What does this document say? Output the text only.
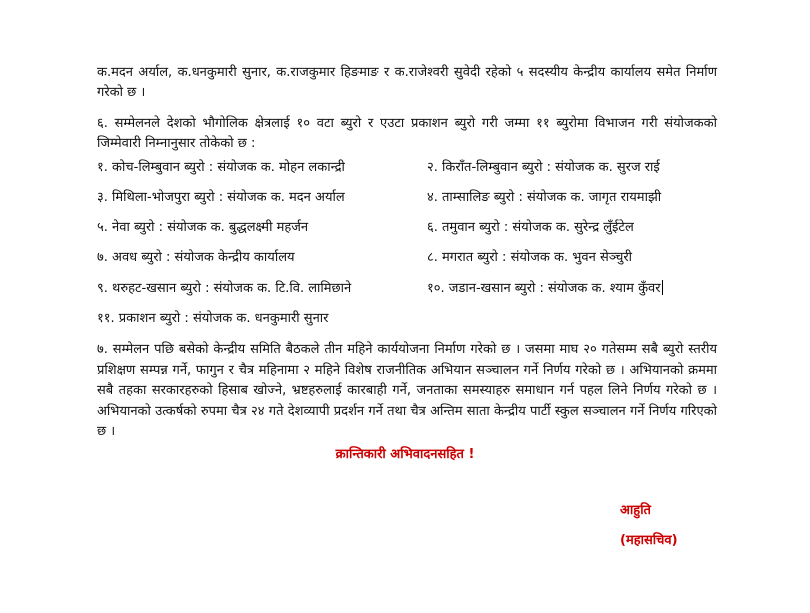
क.मदन अर्याल, क.धनकुमारी सुनार, क.राजकुमार हिङमाङ र क.राजेश्वरी सुवेदी रहेको ५ सदस्यीय केन्द्रीय कार्यालय समेत निर्माण गरेको छ ।

६. सम्मेलनले देशको भौगोलिक क्षेत्रलाई १० वटा ब्युरो र एउटा प्रकाशन ब्युरो गरी जम्मा ११ ब्युरोमा विभाजन गरी संयोजकको जिम्मेवारी निम्नानुसार तोकेको छ :

१. कोच-लिम्बुवान ब्युरो : संयोजक क. मोहन लकान्द्री	२. किराँत-लिम्बुवान ब्युरो : संयोजक क. सुरज राई

३. मिथिला-भोजपुरा ब्युरो : संयोजक क. मदन अर्याल	४. ताम्सालिङ ब्युरो : संयोजक क. जागृत रायमाझी

५. नेवा ब्युरो : संयोजक क. बुद्धलक्ष्मी महर्जन	६. तमुवान ब्युरो : संयोजक क. सुरेन्द्र लुँईटेल

७. अवध ब्युरो : संयोजक केन्द्रीय कार्यालय	८. मगरात ब्युरो : संयोजक क. भुवन सेञ्चुरी

९. थरुहट-खसान ब्युरो : संयोजक क. टि.वि. लामिछाने	१०. जडान-खसान ब्युरो : संयोजक क. श्याम कुँवर

११. प्रकाशन ब्युरो : संयोजक क. धनकुमारी सुनार

७. सम्मेलन पछि बसेको केन्द्रीय समिति बैठकले तीन महिने कार्ययोजना निर्माण गरेको छ । जसमा माघ २० गतेसम्म सबै ब्युरो स्तरीय प्रशिक्षण सम्पन्न गर्ने, फागुन र चैत्र महिनामा २ महिने विशेष राजनीतिक अभियान सञ्चालन गर्ने निर्णय गरेको छ । अभियानको क्रममा सबै तहका सरकारहरुको हिसाब खोज्ने, भ्रष्टहरुलाई कारबाही गर्ने, जनताका समस्याहरु समाधान गर्न पहल लिने निर्णय गरेको छ । अभियानको उत्कर्षको रुपमा चैत्र २४ गते देशव्यापी प्रदर्शन गर्ने तथा चैत्र अन्तिम साता केन्द्रीय पार्टी स्कुल सञ्चालन गर्ने निर्णय गरिएको छ ।

क्रान्तिकारी अभिवादनसहित !

आहुति

(महासचिव)
